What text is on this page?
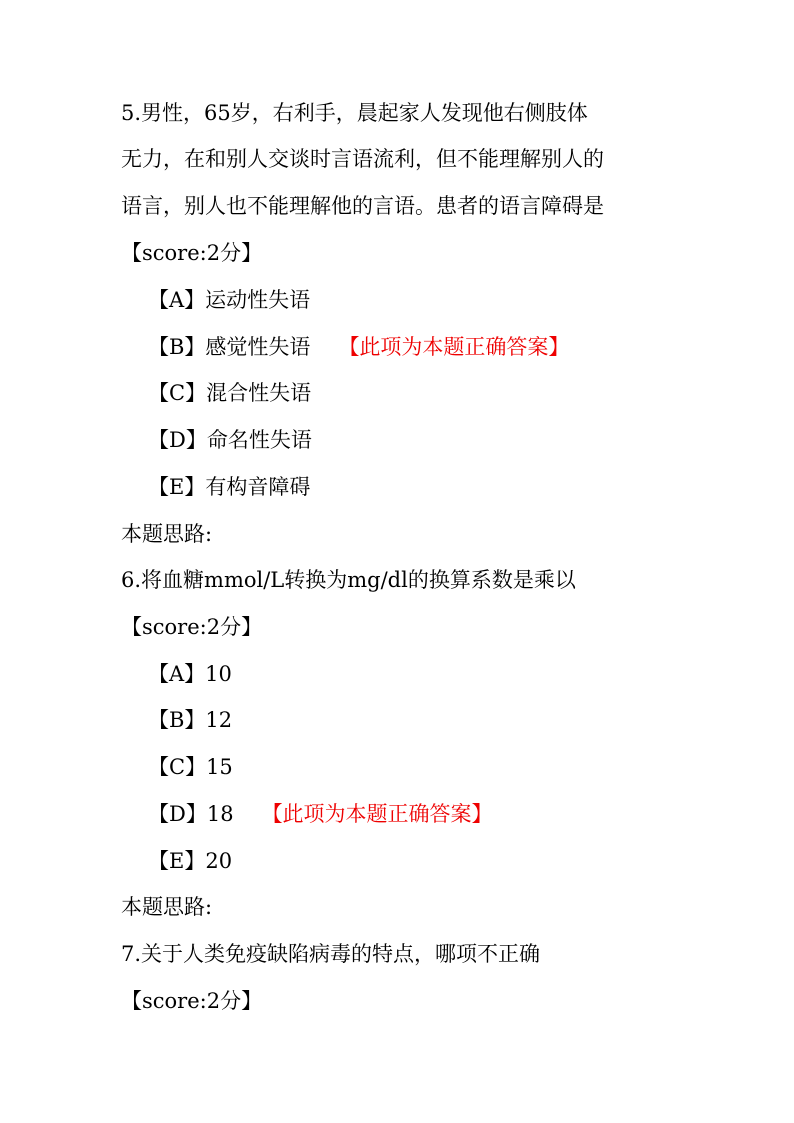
5.男性，65岁，右利手，晨起家人发现他右侧肢体
无力，在和别人交谈时言语流利，但不能理解别人的
语言，别人也不能理解他的言语。患者的语言障碍是
【score:2分】
【A】运动性失语
【B】感觉性失语 【此项为本题正确答案】
【C】混合性失语
【D】命名性失语
【E】有构音障碍
本题思路:
6.将血糖mmol/L转换为mg/dl的换算系数是乘以
【score:2分】
【A】10
【B】12
【C】15
【D】18 【此项为本题正确答案】
【E】20
本题思路:
7.关于人类免疫缺陷病毒的特点，哪项不正确
【score:2分】
